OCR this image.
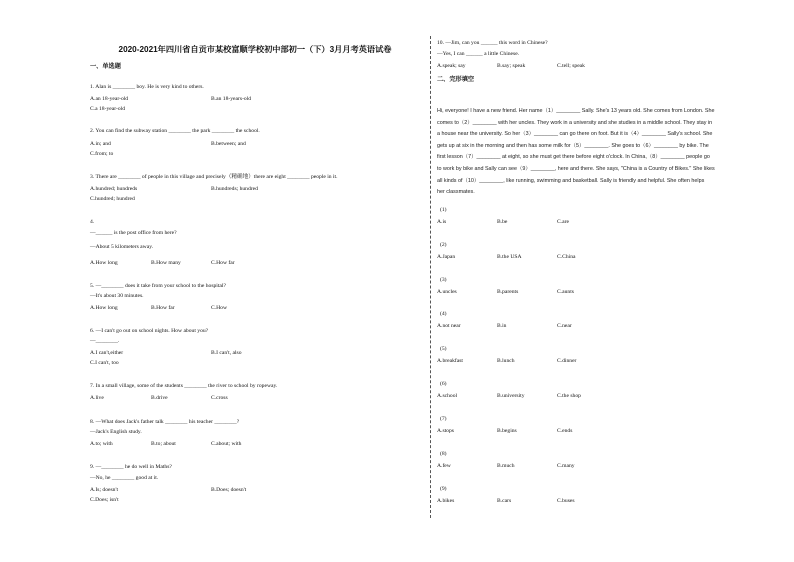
2020-2021年四川省自贡市某校富顺学校初中部初一（下）3月月考英语试卷
一、单选题
1. Alan is ________ boy. He is very kind to others.
A.an 18-year-old	B.an 18-years-old
C.a 18-year-old
2. You can find the subway station ________ the park ________ the school.
A.in; and	B.between; and
C.from; to
3. There are ________ of people in this village and precisely（精确地）there are eight ________ people in it.
A.hundred; hundreds	B.hundreds; hundred
C.hundred; hundred
4.
—______ is the post office from here?
—About 5 kilometers away.
A.How long	B.How many	C.How far
5. —________ does it take from your school to the hospital?
—It's about 30 minutes.
A.How long	B.How far	C.How
6. —I can't go out on school nights. How about you?
—________.
A.I can't,either	B.I can't, also
C.I can't, too
7. In a small village, some of the students ________ the river to school by ropeway.
A.live	B.drive	C.cross
8. —What does Jack's father talk ________ his teacher ________?
—Jack's English study.
A.to; with	B.to; about	C.about; with
9. —________ he do well in Maths?
—No, he ________ good at it.
A.Is; doesn't	B.Does; doesn't
C.Does; isn't
10. —Jim, can you ______ this word in Chinese?
—Yes, I can ______ a little Chinese.
A.speak; say	B.say; speak	C.tell; speak
二、完形填空
Hi, everyone! I have a new friend. Her name（1）________ Sally. She's 13 years old. She comes from London. She
comes to（2）________ with her uncles. They work in a university and she studies in a middle school. They stay in
a house near the university. So her（3）________ can go there on foot. But it is（4）________ Sally's school. She
gets up at six in the morning and then has some milk for（5）________. She goes to（6）________ by bike. The
first lesson（7）________ at eight, so she must get there before eight o'clock. In China,（8）________ people go
to work by bike and Sally can see（9）________, here and there. She says, "China is a Country of Bikes." She likes
all kinds of（10）________, like running, swimming and basketball. Sally is friendly and helpful. She often helps
her classmates.
(1)
A.is	B.be	C.are
(2)
A.Japan	B.the USA	C.China
(3)
A.uncles	B.parents	C.aunts
(4)
A.not near	B.in	C.near
(5)
A.breakfast	B.lunch	C.dinner
(6)
A.school	B.university	C.the shop
(7)
A.stops	B.begins	C.ends
(8)
A.few	B.much	C.many
(9)
A.bikes	B.cars	C.buses
